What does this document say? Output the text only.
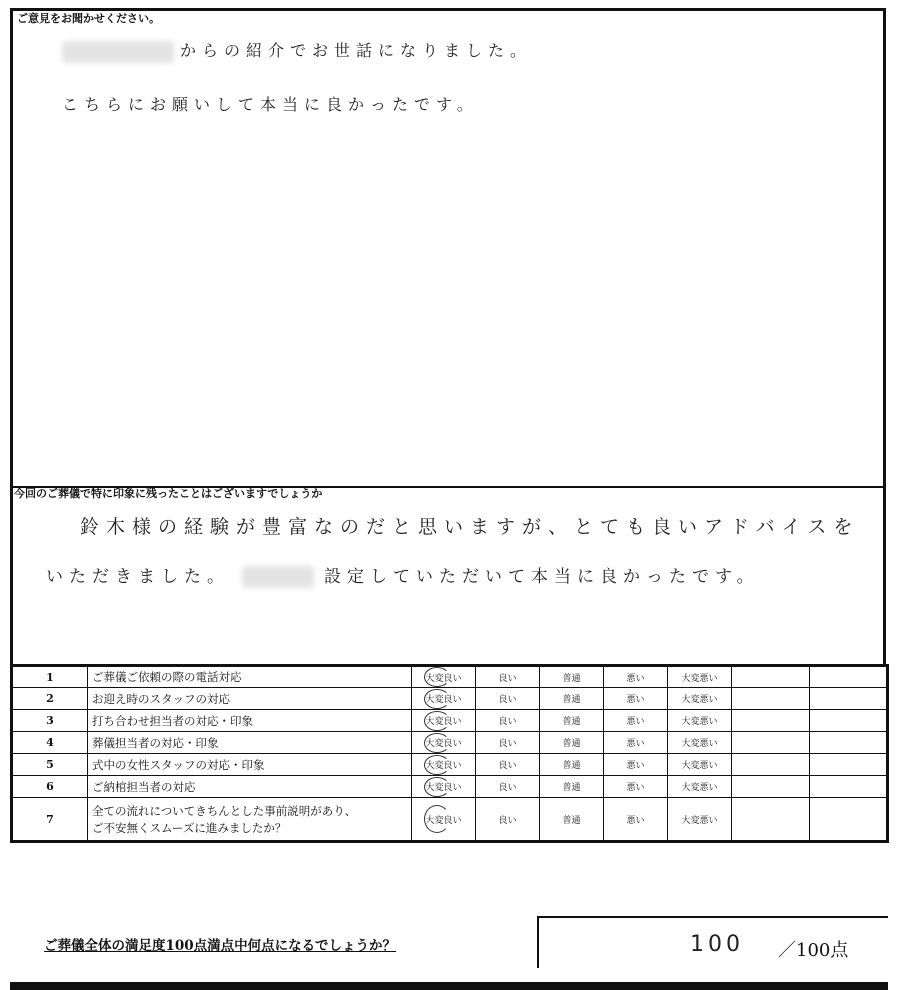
ご意見をお聞かせください。
からの紹介でお世話になりました。
こちらにお願いして本当に良かったです。
今回のご葬儀で特に印象に残ったことはございますでしょうか
鈴木様の経験が豊富なのだと思いますが、とても良いアドバイスを
いただきました。	設定していただいて本当に良かったです。
1	ご葬儀ご依頼の際の電話対応	大変良い	良い	普通	悪い	大変悪い		
2	お迎え時のスタッフの対応	大変良い	良い	普通	悪い	大変悪い		
3	打ち合わせ担当者の対応・印象	大変良い	良い	普通	悪い	大変悪い		
4	葬儀担当者の対応・印象	大変良い	良い	普通	悪い	大変悪い		
5	式中の女性スタッフの対応・印象	大変良い	良い	普通	悪い	大変悪い		
6	ご納棺担当者の対応	大変良い	良い	普通	悪い	大変悪い		
7	全ての流れについてきちんとした事前説明があり、
ご不安無くスムーズに進みましたか？	大変良い	良い	普通	悪い	大変悪い		
ご葬儀全体の満足度100点満点中何点になるでしょうか？	100 ／100点
